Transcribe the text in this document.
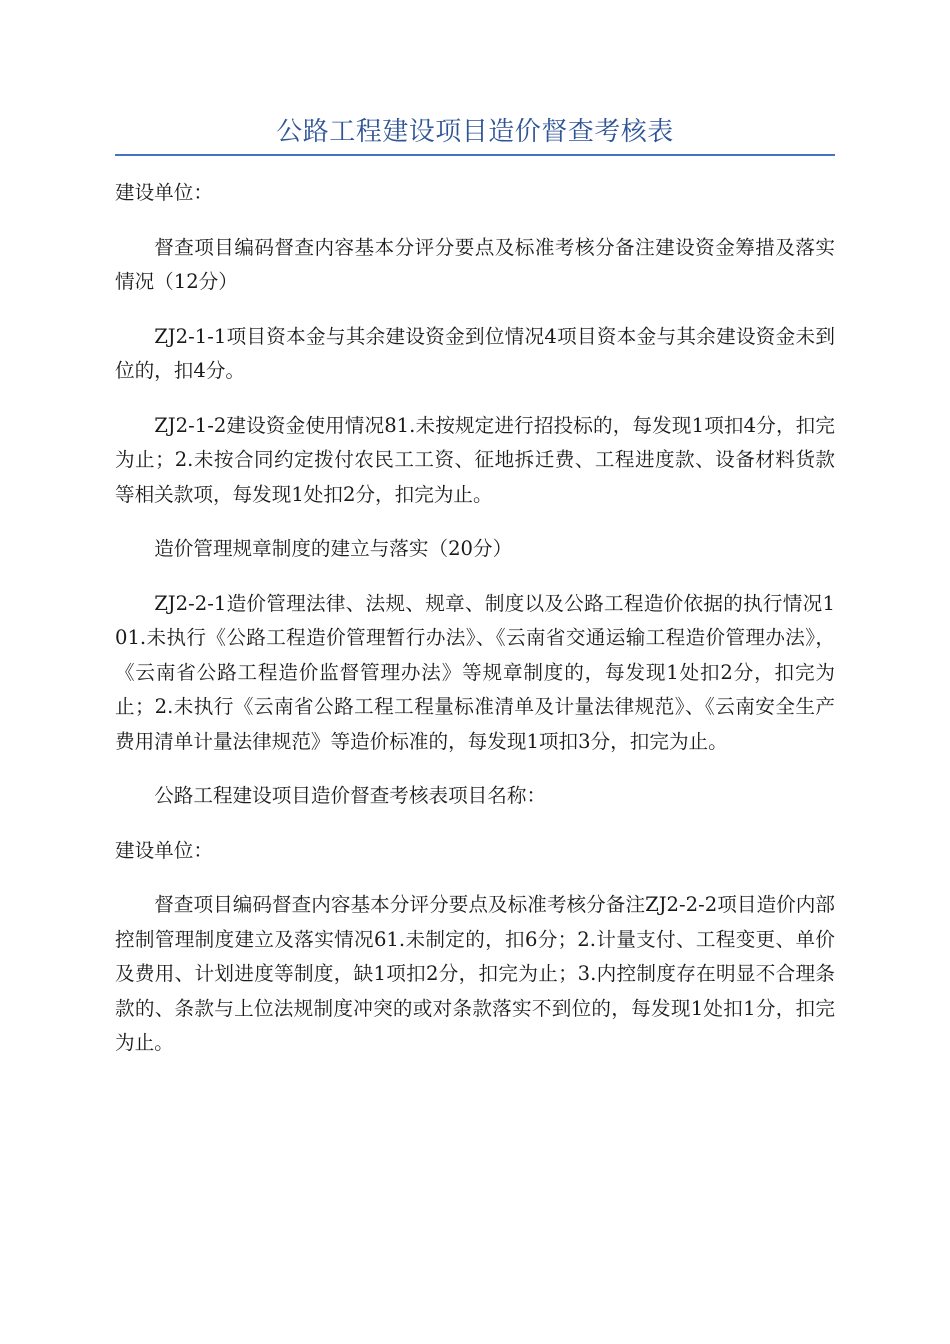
公路工程建设项目造价督查考核表

建设单位：

督查项目编码督查内容基本分评分要点及标准考核分备注建设资金筹措及落实情况（12分）

ZJ2-1-1项目资本金与其余建设资金到位情况4项目资本金与其余建设资金未到位的，扣4分。

ZJ2-1-2建设资金使用情况81.未按规定进行招投标的，每发现1项扣4分，扣完为止；2.未按合同约定拨付农民工工资、征地拆迁费、工程进度款、设备材料货款等相关款项，每发现1处扣2分，扣完为止。

造价管理规章制度的建立与落实（20分）

ZJ2-2-1造价管理法律、法规、规章、制度以及公路工程造价依据的执行情况101.未执行《公路工程造价管理暂行办法》、《云南省交通运输工程造价管理办法》，《云南省公路工程造价监督管理办法》等规章制度的，每发现1处扣2分，扣完为止；2.未执行《云南省公路工程工程量标准清单及计量法律规范》、《云南安全生产费用清单计量法律规范》等造价标准的，每发现1项扣3分，扣完为止。

公路工程建设项目造价督查考核表项目名称：

建设单位：

督查项目编码督查内容基本分评分要点及标准考核分备注ZJ2-2-2项目造价内部控制管理制度建立及落实情况61.未制定的，扣6分；2.计量支付、工程变更、单价及费用、计划进度等制度，缺1项扣2分，扣完为止；3.内控制度存在明显不合理条款的、条款与上位法规制度冲突的或对条款落实不到位的，每发现1处扣1分，扣完为止。
